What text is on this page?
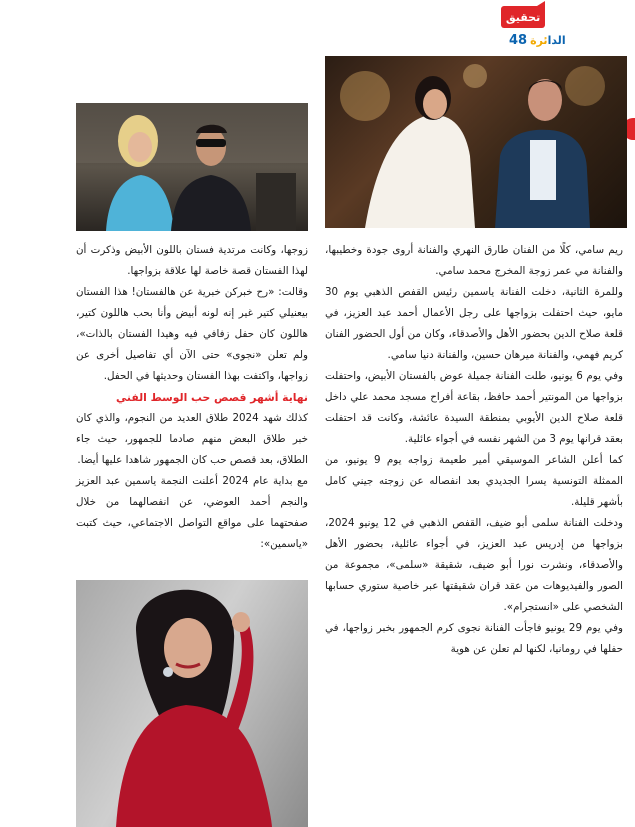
تحقيق
48	الدائرة

ريم سامي، كلًا من الفنان طارق النهري والفنانة أروى جودة وخطيبها، والفنانة مي عمر زوجة المخرج محمد سامي.

وللمرة الثانية، دخلت الفنانة ياسمين رئيس القفص الذهبي يوم 30 مايو، حيث احتفلت بزواجها على رجل الأعمال أحمد عبد العزيز، في قلعة صلاح الدين بحضور الأهل والأصدقاء، وكان من أول الحضور الفنان كريم فهمي، والفنانة ميرهان حسين، والفنانة دنيا سامي.

وفي يوم 6 يونيو، طلت الفنانة جميلة عوض بالفستان الأبيض، واحتفلت بزواجها من المونتير أحمد حافظ، بقاعة أفراح مسجد محمد علي داخل قلعة صلاح الدين الأيوبي بمنطقة السيدة عائشة، وكانت قد احتفلت بعقد قرانها يوم 3 من الشهر نفسه في أجواء عائلية.

كما أعلن الشاعر الموسيقي أمير طعيمة زواجه يوم 9 يونيو، من الممثلة التونسية يسرا الجديدي بعد انفصاله عن زوجته جيني كامل بأشهر قليلة.

ودخلت الفنانة سلمى أبو ضيف، القفص الذهبي في 12 يونيو 2024، بزواجها من إدريس عبد العزيز، في أجواء عائلية، بحضور الأهل والأصدقاء، ونشرت نورا أبو ضيف، شقيقة «سلمى»، مجموعة من الصور والفيديوهات من عقد قران شقيقتها عبر خاصية ستوري حسابها الشخصي على «انستجرام».

وفي يوم 29 يونيو فاجأت الفنانة نجوى كرم الجمهور بخبر زواجها، في حفلها في رومانيا، لكنها لم تعلن عن هوية

زوجها، وكانت مرتدية فستان باللون الأبيض وذكرت أن لهذا الفستان قصة خاصة لها علاقة بزواجها.

وقالت: «رح خبركن خبرية عن هالفستان! هذا الفستان بيعنيلي كتير غير إنه لونه أبيض وأنا بحب هاللون كتير، هاللون كان حفل زفافي فيه وهيدا الفستان بالذات»، ولم تعلن «نجوى» حتى الآن أي تفاصيل أخرى عن زواجها، واكتفت بهذا الفستان وحديثها في الحفل.

نهاية أشهر قصص حب الوسط الفني

كذلك شهد 2024 طلاق العديد من النجوم، والذي كان خبر طلاق البعض منهم صادما للجمهور، حيث جاء الطلاق، بعد قصص حب كان الجمهور شاهدا عليها أيضا.

مع بداية عام 2024 أعلنت النجمة ياسمين عبد العزيز والنجم أحمد العوضي، عن انفصالهما من خلال صفحتهما على مواقع التواصل الاجتماعي، حيث كتبت «ياسمين»:
